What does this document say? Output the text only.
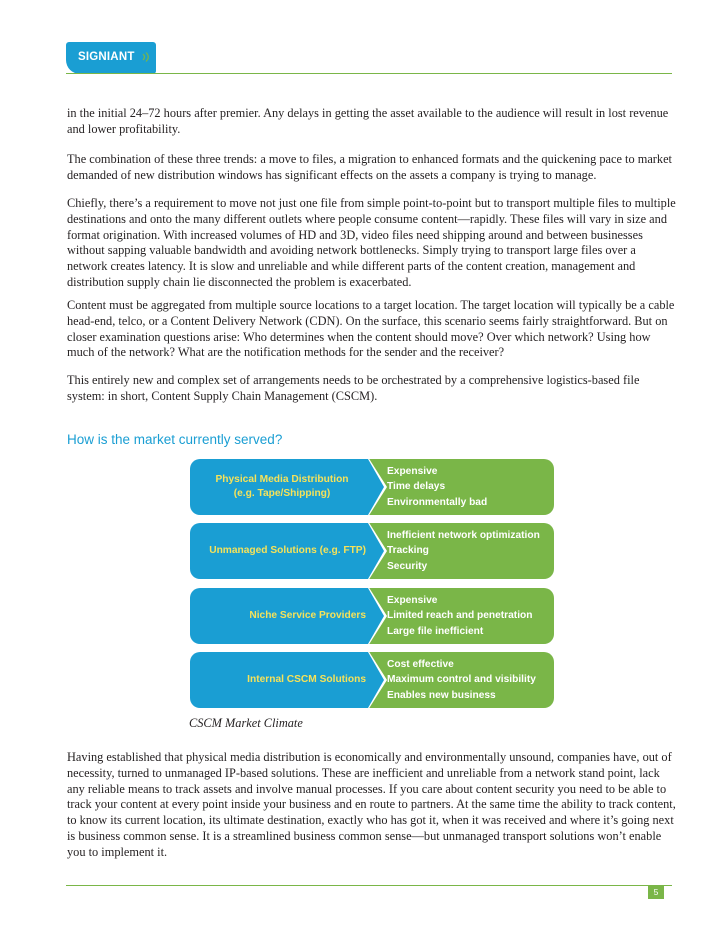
SIGNIANT

in the initial 24–72 hours after premier. Any delays in getting the asset available to the audience will result in lost revenue and lower profitability.

The combination of these three trends: a move to files, a migration to enhanced formats and the quickening pace to market demanded of new distribution windows has significant effects on the assets a company is trying to manage.

Chiefly, there’s a requirement to move not just one file from simple point-to-point but to transport multiple files to multiple destinations and onto the many different outlets where people consume content—rapidly. These files will vary in size and format origination. With increased volumes of HD and 3D, video files need shipping around and between businesses without sapping valuable bandwidth and avoiding network bottlenecks. Simply trying to transport large files over a network creates latency. It is slow and unreliable and while different parts of the content creation, management and distribution supply chain lie disconnected the problem is exacerbated.

Content must be aggregated from multiple source locations to a target location. The target location will typically be a cable head-end, telco, or a Content Delivery Network (CDN). On the surface, this scenario seems fairly straightforward. But on closer examination questions arise: Who determines when the content should move? Over which network? Using how much of the network? What are the notification methods for the sender and the receiver?

This entirely new and complex set of arrangements needs to be orchestrated by a comprehensive logistics-based file system: in short, Content Supply Chain Management (CSCM).

How is the market currently served?
Physical Media Distribution
(e.g. Tape/Shipping)
Expensive
Time delays
Environmentally bad
Unmanaged Solutions (e.g. FTP)
Inefficient network optimization
Tracking
Security
Niche Service Providers
Expensive
Limited reach and penetration
Large file inefficient
Internal CSCM Solutions
Cost effective
Maximum control and visibility
Enables new business

CSCM Market Climate

Having established that physical media distribution is economically and environmentally unsound, companies have, out of necessity, turned to unmanaged IP-based solutions. These are inefficient and unreliable from a network stand point, lack any reliable means to track assets and involve manual processes. If you care about content security you need to be able to track your content at every point inside your business and en route to partners. At the same time the ability to track content, to know its current location, its ultimate destination, exactly who has got it, when it was received and where it’s going next is business common sense. It is a streamlined business common sense—but unmanaged transport solutions won’t enable you to implement it.

5
